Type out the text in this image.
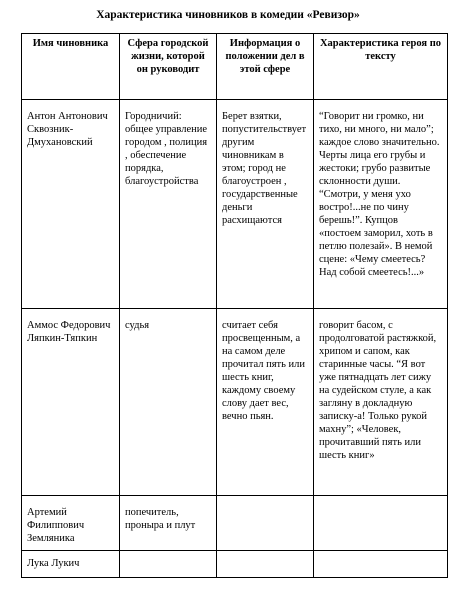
Характеристика чиновников в комедии «Ревизор»
Имя чиновника	Сфера городской жизни, которой он руководит	Информация о положении дел в этой сфере	Характеристика героя по тексту
Антон Антонович Сквозник-Дмухановский	Городничий: общее управление городом , полиция , обеспечение порядка, благоустройства	Берет взятки, попустительствует другим чиновникам в этом; город не благоустроен , государственные деньги расхищаются	“Говорит ни громко, ни тихо, ни много, ни мало”; каждое слово значительно. Черты лица его грубы и жестоки; грубо развитые склонности души. “Смотри, у меня ухо востро!...не по чину берешь!”. Купцов «постоем заморил, хоть в петлю полезай». В немой сцене: «Чему смеетесь? Над собой смеетесь!...»
Аммос Федорович Ляпкин-Тяпкин	судья	считает себя просвещенным, а на самом деле прочитал пять или шесть книг, каждому своему слову дает вес, вечно пьян.	говорит басом, с продолговатой растяжкой, хрипом и сапом, как старинные часы. “Я вот уже пятнадцать лет сижу на судейском стуле, а как загляну в докладную записку-а! Только рукой махну”; «Человек, прочитавший пять или шесть книг»
Артемий Филиппович Земляника	попечитель, проныра и плут		
Лука Лукич			
